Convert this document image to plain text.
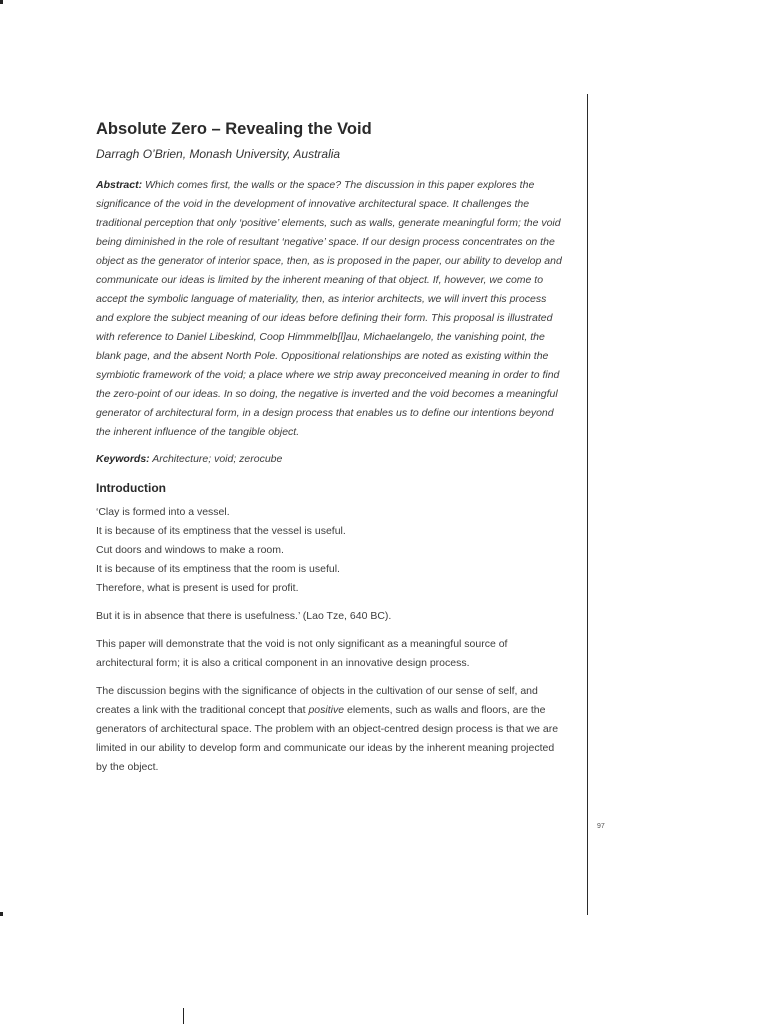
97
Absolute Zero – Revealing the Void

Darragh O’Brien, Monash University, Australia

Abstract: Which comes first, the walls or the space? The discussion in this paper explores the significance of the void in the development of innovative architectural space. It challenges the traditional perception that only ‘positive’ elements, such as walls, generate meaningful form; the void being diminished in the role of resultant ‘negative’ space. If our design process concentrates on the object as the generator of interior space, then, as is proposed in the paper, our ability to develop and communicate our ideas is limited by the inherent meaning of that object. If, however, we come to accept the symbolic language of materiality, then, as interior architects, we will invert this process and explore the subject meaning of our ideas before defining their form. This proposal is illustrated with reference to Daniel Libeskind, Coop Himmmelb[l]au, Michaelangelo, the vanishing point, the blank page, and the absent North Pole. Oppositional relationships are noted as existing within the symbiotic framework of the void; a place where we strip away preconceived meaning in order to find the zero-point of our ideas. In so doing, the negative is inverted and the void becomes a meaningful generator of architectural form, in a design process that enables us to define our intentions beyond the inherent influence of the tangible object.

Keywords: Architecture; void; zerocube

Introduction

‘Clay is formed into a vessel.
It is because of its emptiness that the vessel is useful.
Cut doors and windows to make a room.
It is because of its emptiness that the room is useful.
Therefore, what is present is used for profit.

But it is in absence that there is usefulness.’ (Lao Tze, 640 BC).

This paper will demonstrate that the void is not only significant as a meaningful source of architectural form; it is also a critical component in an innovative design process.

The discussion begins with the significance of objects in the cultivation of our sense of self, and creates a link with the traditional concept that positive elements, such as walls and floors, are the generators of architectural space. The problem with an object-centred design process is that we are limited in our ability to develop form and communicate our ideas by the inherent meaning projected by the object.
